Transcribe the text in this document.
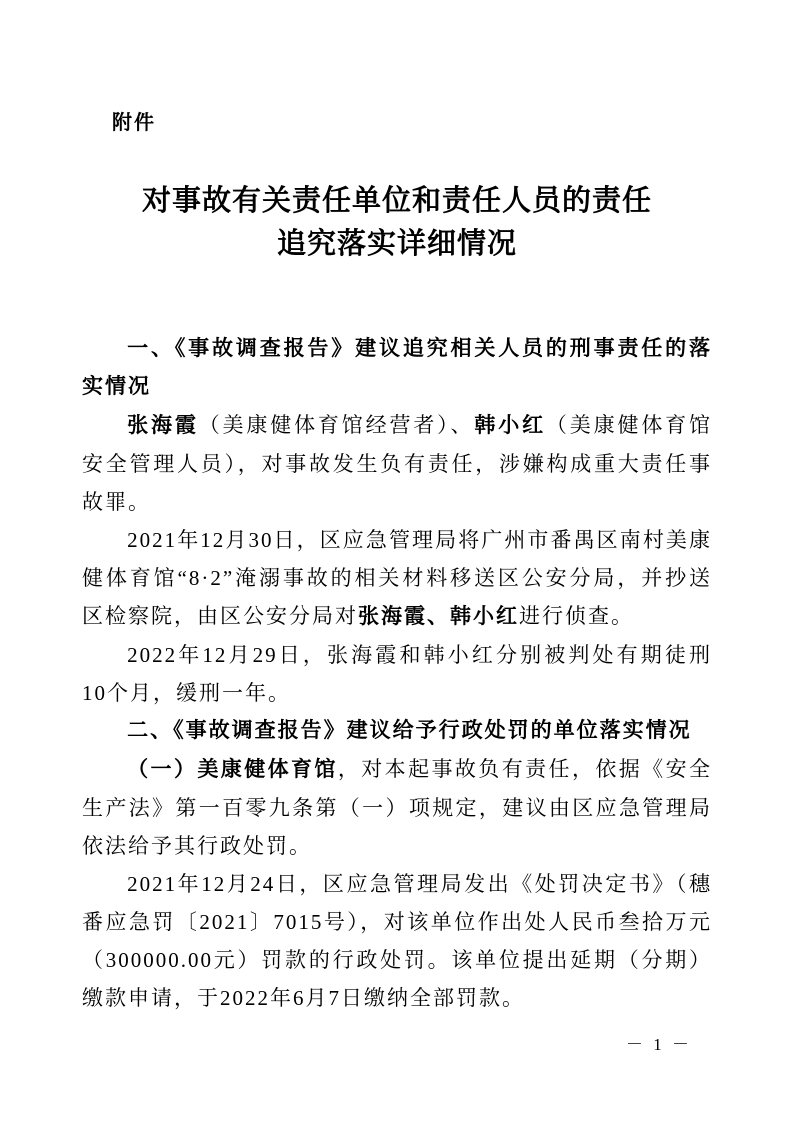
附件
对事故有关责任单位和责任人员的责任
追究落实详细情况

一、《事故调查报告》建议追究相关人员的刑事责任的落实情况

张海霞（美康健体育馆经营者）、韩小红（美康健体育馆安全管理人员），对事故发生负有责任，涉嫌构成重大责任事故罪。

2021年12月30日，区应急管理局将广州市番禺区南村美康健体育馆“8·2”淹溺事故的相关材料移送区公安分局，并抄送区检察院，由区公安分局对张海霞、韩小红进行侦查。

2022年12月29日，张海霞和韩小红分别被判处有期徒刑10个月，缓刑一年。

二、《事故调查报告》建议给予行政处罚的单位落实情况

（一）美康健体育馆，对本起事故负有责任，依据《安全生产法》第一百零九条第（一）项规定，建议由区应急管理局依法给予其行政处罚。

2021年12月24日，区应急管理局发出《处罚决定书》（穗番应急罚〔2021〕7015号），对该单位作出处人民币叁拾万元（300000.00元）罚款的行政处罚。该单位提出延期（分期）缴款申请，于2022年6月7日缴纳全部罚款。

－ 1 －
